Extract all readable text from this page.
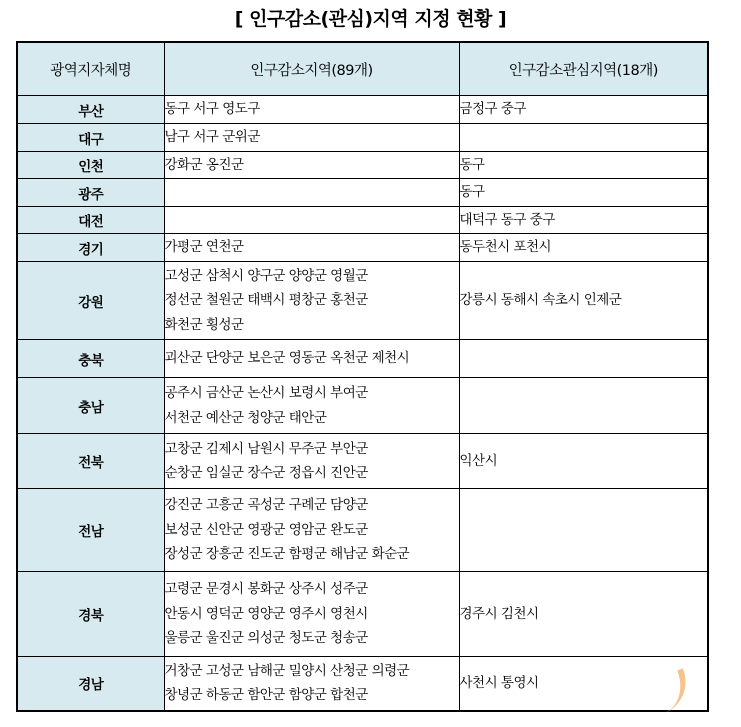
[ 인구감소(관심)지역 지정 현황 ]
광역지자체명	인구감소지역(89개)	인구감소관심지역(18개)
부산	동구 서구 영도구	금정구 중구

대구	남구 서구 군위군	

인천	강화군 옹진군	동구

광주		동구

대전		대덕구 동구 중구

경기	가평군 연천군	동두천시 포천시

강원	고성군 삼척시 양구군 양양군 영월군
정선군 철원군 태백시 평창군 홍천군
화천군 횡성군	강릉시 동해시 속초시 인제군

충북	괴산군 단양군 보은군 영동군 옥천군 제천시	

충남	공주시 금산군 논산시 보령시 부여군
서천군 예산군 청양군 태안군	

전북	고창군 김제시 남원시 무주군 부안군
순창군 임실군 장수군 정읍시 진안군	익산시

전남	강진군 고흥군 곡성군 구례군 담양군
보성군 신안군 영광군 영암군 완도군
장성군 장흥군 진도군 함평군 해남군 화순군	

경북	고령군 문경시 봉화군 상주시 성주군
안동시 영덕군 영양군 영주시 영천시
울릉군 울진군 의성군 청도군 청송군	경주시 김천시

경남	거창군 고성군 남해군 밀양시 산청군 의령군
창녕군 하동군 함안군 함양군 합천군	사천시 통영시
